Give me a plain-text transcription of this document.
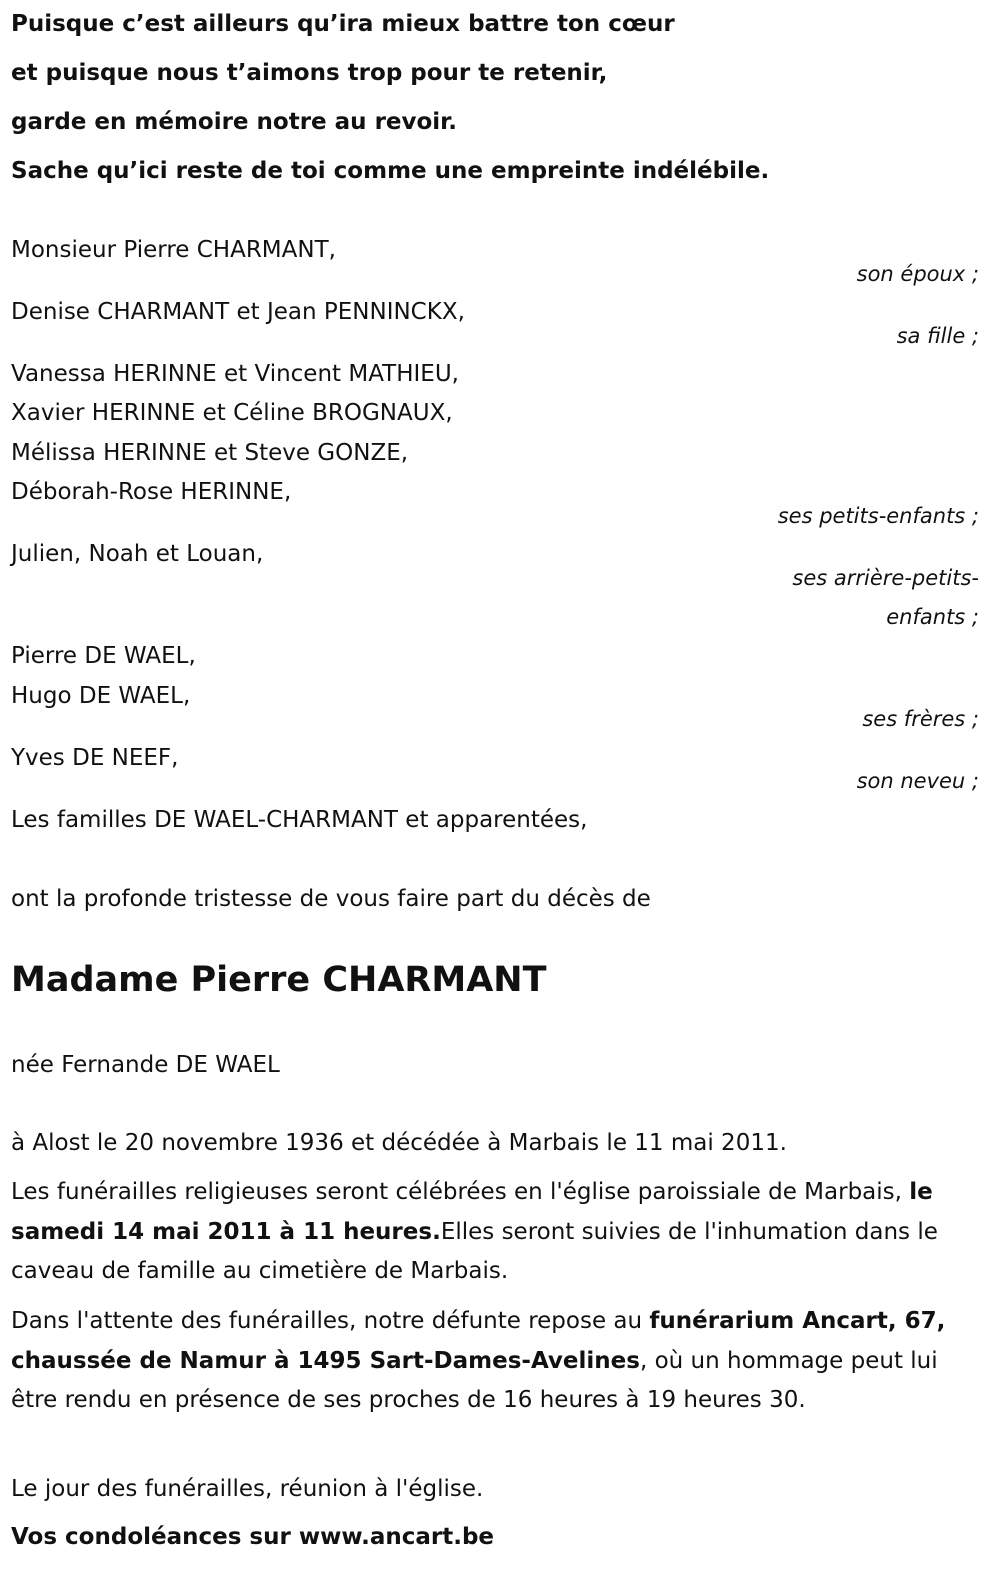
Puisque c’est ailleurs qu’ira mieux battre ton cœur
et puisque nous t’aimons trop pour te retenir,
garde en mémoire notre au revoir.
Sache qu’ici reste de toi comme une empreinte indélébile.
Monsieur Pierre CHARMANT,
son époux ;
Denise CHARMANT et Jean PENNINCKX,
sa fille ;
Vanessa HERINNE et Vincent MATHIEU,
Xavier HERINNE et Céline BROGNAUX,
Mélissa HERINNE et Steve GONZE,
Déborah-Rose HERINNE,
ses petits-enfants ;
Julien, Noah et Louan,
ses arrière-petits-
enfants ;
Pierre DE WAEL,
Hugo DE WAEL,
ses frères ;
Yves DE NEEF,
son neveu ;
Les familles DE WAEL-CHARMANT et apparentées,
ont la profonde tristesse de vous faire part du décès de
Madame Pierre CHARMANT
née Fernande DE WAEL
à Alost le 20 novembre 1936 et décédée à Marbais le 11 mai 2011.
Les funérailles religieuses seront célébrées en l'église paroissiale de Marbais, le samedi 14 mai 2011 à 11 heures.Elles seront suivies de l'inhumation dans le caveau de famille au cimetière de Marbais.
Dans l'attente des funérailles, notre défunte repose au funérarium Ancart, 67, chaussée de Namur à 1495 Sart-Dames-Avelines, où un hommage peut lui être rendu en présence de ses proches de 16 heures à 19 heures 30.
Le jour des funérailles, réunion à l'église.
Vos condoléances sur www.ancart.be
